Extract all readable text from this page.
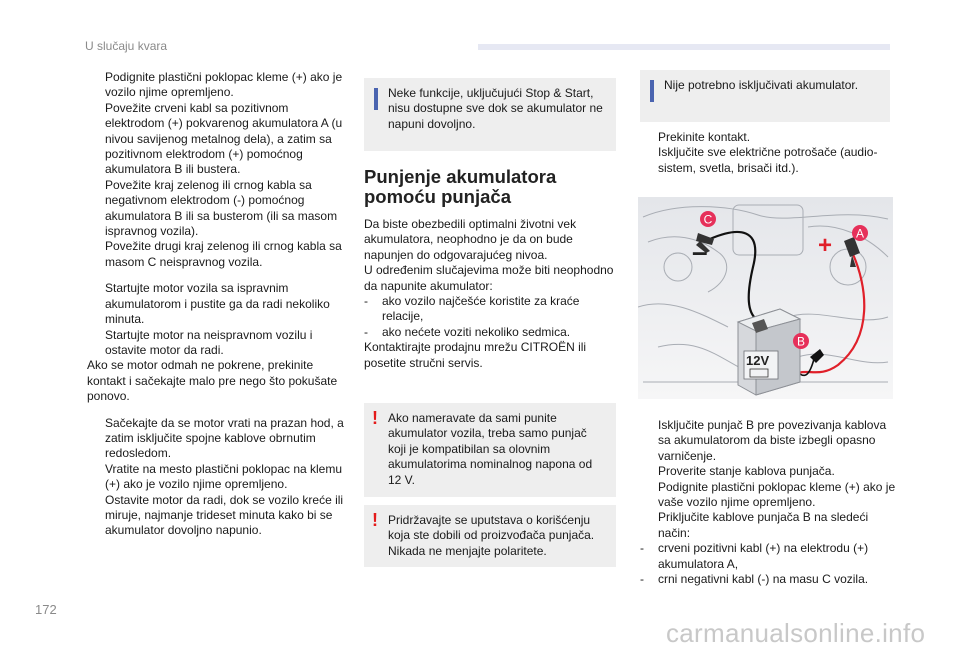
U slučaju kvara
Podignite plastični poklopac kleme (+) ako je vozilo njime opremljeno.
Povežite crveni kabl sa pozitivnom elektrodom (+) pokvarenog akumulatora A (u nivou savijenog metalnog dela), a zatim sa pozitivnom elektrodom (+) pomoćnog akumulatora B ili bustera.
Povežite kraj zelenog ili crnog kabla sa negativnom elektrodom (-) pomoćnog akumulatora B ili sa busterom (ili sa masom ispravnog vozila).
Povežite drugi kraj zelenog ili crnog kabla sa masom C neispravnog vozila.
Startujte motor vozila sa ispravnim akumulatorom i pustite ga da radi nekoliko minuta.
Startujte motor na neispravnom vozilu i ostavite motor da radi.
Ako se motor odmah ne pokrene, prekinite kontakt i sačekajte malo pre nego što pokušate ponovo.
Sačekajte da se motor vrati na prazan hod, a zatim isključite spojne kablove obrnutim redosledom.
Vratite na mesto plastični poklopac na klemu (+) ako je vozilo njime opremljeno.
Ostavite motor da radi, dok se vozilo kreće ili miruje, najmanje trideset minuta kako bi se akumulator dovoljno napunio.
Neke funkcije, uključujući Stop & Start, nisu dostupne sve dok se akumulator ne napuni dovoljno.
Punjenje akumulatora
pomoću punjača
Da biste obezbedili optimalni životni vek akumulatora, neophodno je da on bude napunjen do odgovarajućeg nivoa.
U određenim slučajevima može biti neophodno da napunite akumulator:
- ako vozilo najčešće koristite za kraće relacije,
- ako nećete voziti nekoliko sedmica.
Kontaktirajte prodajnu mrežu CITROËN ili posetite stručni servis.
! Ako nameravate da sami punite akumulator vozila, treba samo punjač koji je kompatibilan sa olovnim akumulatorima nominalnog napona od 12 V.
! Pridržavajte se uputstava o korišćenju koja ste dobili od proizvođača punjača. Nikada ne menjajte polaritete.
Nije potrebno isključivati akumulator.
Prekinite kontakt.
Isključite sve električne potrošače (audio-sistem, svetla, brisači itd.).
12V
–	+
C
A
B
Isključite punjač B pre povezivanja kablova sa akumulatorom da biste izbegli opasno varničenje.
Proverite stanje kablova punjača.
Podignite plastični poklopac kleme (+) ako je vaše vozilo njime opremljeno.
Priključite kablove punjača B na sledeći način:
- crveni pozitivni kabl (+) na elektrodu (+) akumulatora A,
- crni negativni kabl (-) na masu C vozila.
172
carmanualsonline.info
